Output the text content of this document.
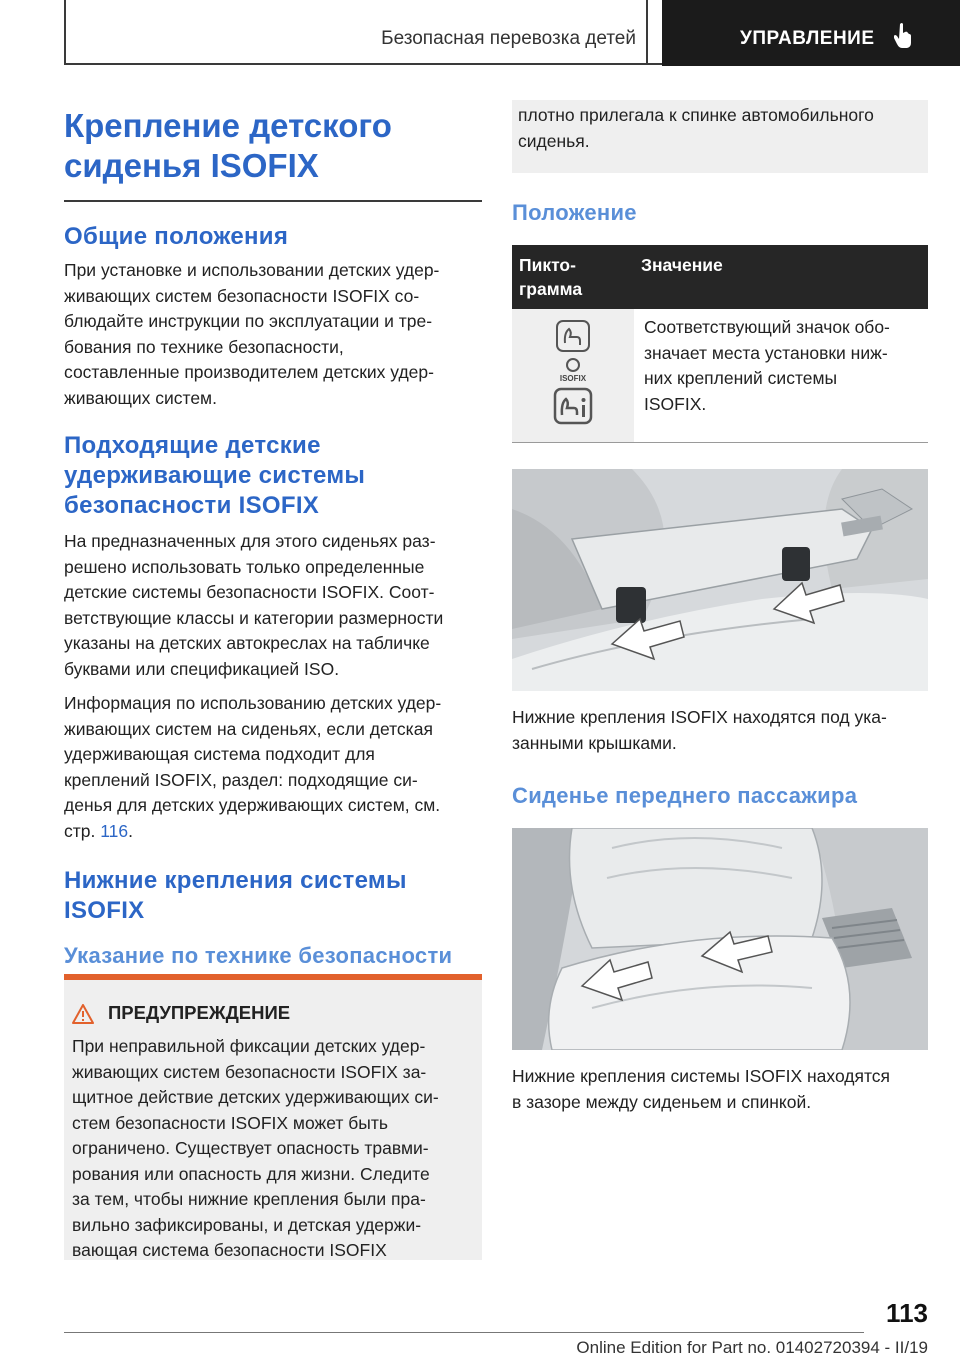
Безопасная перевозка детей	УПРАВЛЕНИЕ
Крепление детского
сиденья ISOFIX
Общие положения

При установке и использовании детских удер‐
живающих систем безопасности ISOFIX со‐
блюдайте инструкции по эксплуатации и тре‐
бования по технике безопасности,
составленные производителем детских удер‐
живающих систем.

Подходящие детские
удерживающие системы
безопасности ISOFIX

На предназначенных для этого сиденьях раз‐
решено использовать только определенные
детские системы безопасности ISOFIX. Соот‐
ветствующие классы и категории размерности
указаны на детских автокреслах на табличке
буквами или спецификацией ISO.

Информация по использованию детских удер‐
живающих систем на сиденьях, если детская
удерживающая система подходит для
креплений ISOFIX, раздел: подходящие си‐
денья для детских удерживающих систем, см.
стр. 116.

Нижние крепления системы
ISOFIX
Указание по технике безопасности
ПРЕДУПРЕЖДЕНИЕ

При неправильной фиксации детских удер‐
живающих систем безопасности ISOFIX за‐
щитное действие детских удерживающих си‐
стем безопасности ISOFIX может быть
ограничено. Существует опасность травми‐
рования или опасность для жизни. Следите
за тем, чтобы нижние крепления были пра‐
вильно зафиксированы, и детская удержи‐
вающая система безопасности ISOFIX

плотно прилегала к спинке автомобильного
сиденья.

Положение
Пикто‐
грамма	Значение

ISOFIX	Соответствующий значок обо‐
значает места установки ниж‐
них креплений системы
ISOFIX.

Нижние крепления ISOFIX находятся под ука‐
занными крышками.

Сиденье переднего пассажира

Нижние крепления системы ISOFIX находятся
в зазоре между сиденьем и спинкой.

113
Online Edition for Part no. 01402720394 - II/19
